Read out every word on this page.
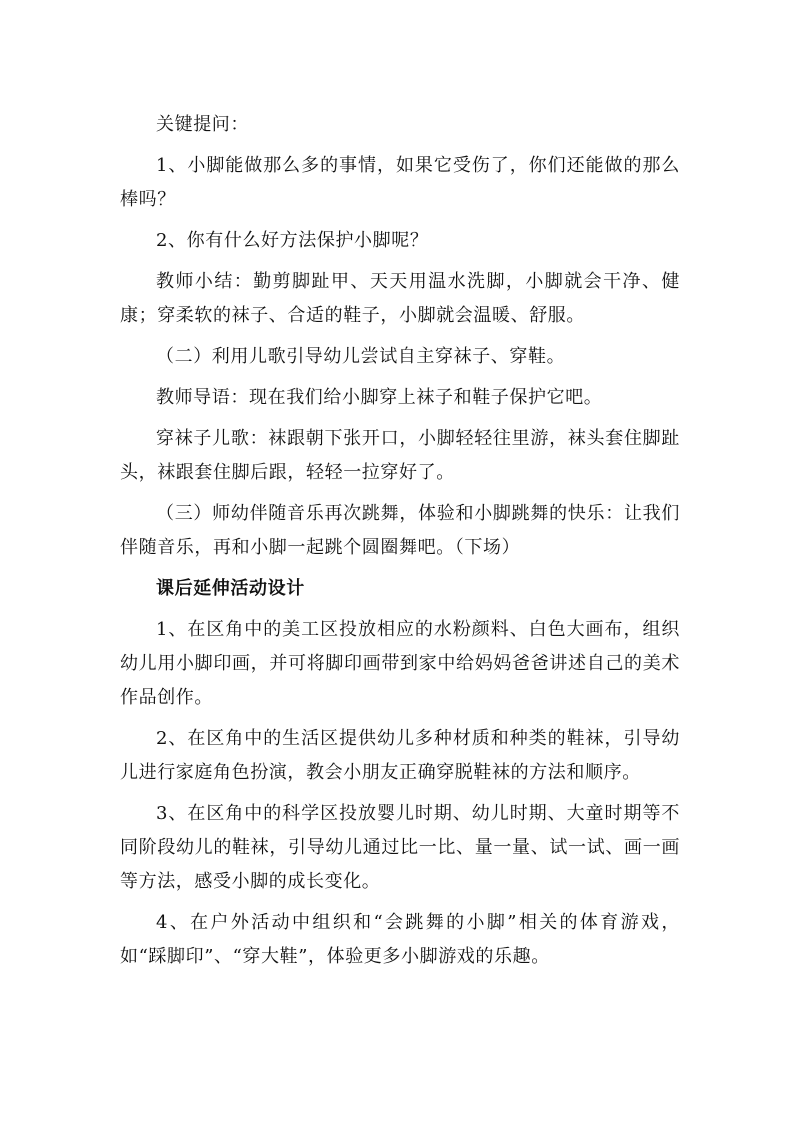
关键提问：

1、小脚能做那么多的事情，如果它受伤了，你们还能做的那么棒吗？

2、你有什么好方法保护小脚呢？

教师小结：勤剪脚趾甲、天天用温水洗脚，小脚就会干净、健康；穿柔软的袜子、合适的鞋子，小脚就会温暖、舒服。

（二）利用儿歌引导幼儿尝试自主穿袜子、穿鞋。

教师导语：现在我们给小脚穿上袜子和鞋子保护它吧。

穿袜子儿歌：袜跟朝下张开口，小脚轻轻往里游，袜头套住脚趾头，袜跟套住脚后跟，轻轻一拉穿好了。

（三）师幼伴随音乐再次跳舞，体验和小脚跳舞的快乐：让我们伴随音乐，再和小脚一起跳个圆圈舞吧。（下场）

课后延伸活动设计

1、在区角中的美工区投放相应的水粉颜料、白色大画布，组织幼儿用小脚印画，并可将脚印画带到家中给妈妈爸爸讲述自己的美术作品创作。

2、在区角中的生活区提供幼儿多种材质和种类的鞋袜，引导幼儿进行家庭角色扮演，教会小朋友正确穿脱鞋袜的方法和顺序。

3、在区角中的科学区投放婴儿时期、幼儿时期、大童时期等不同阶段幼儿的鞋袜，引导幼儿通过比一比、量一量、试一试、画一画等方法，感受小脚的成长变化。

4、在户外活动中组织和“会跳舞的小脚”相关的体育游戏，如“踩脚印”、“穿大鞋”，体验更多小脚游戏的乐趣。
